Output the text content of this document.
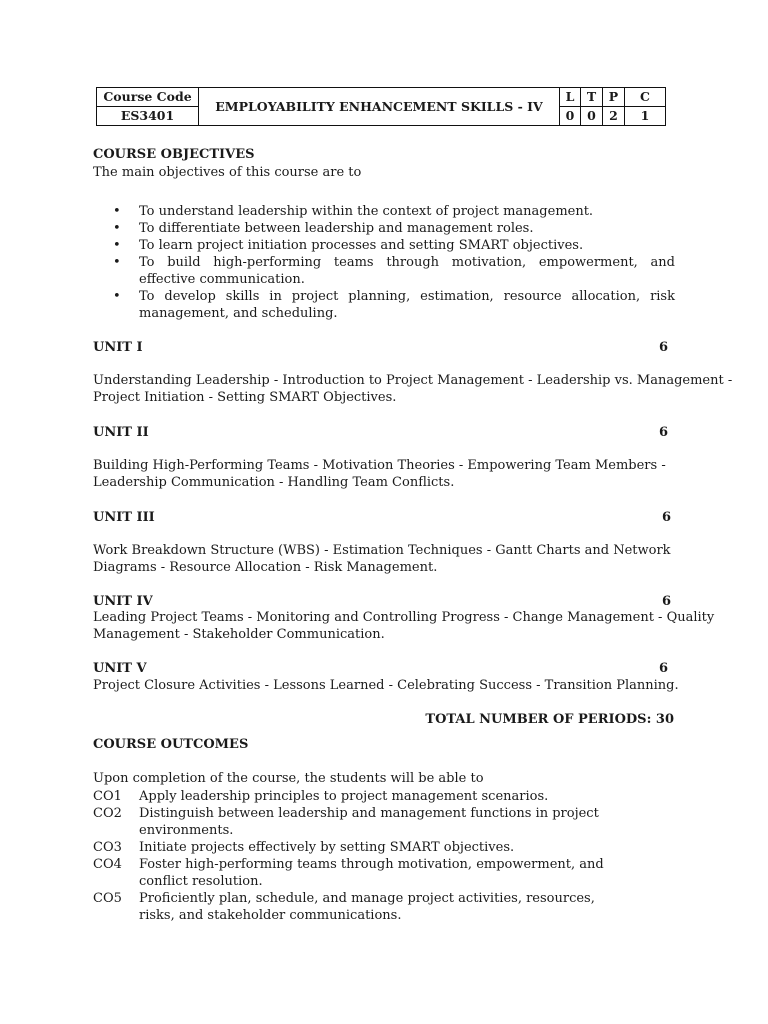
Course Code	EMPLOYABILITY ENHANCEMENT SKILLS - IV	L	T	P	C
ES3401		0	0	2	1
COURSE OBJECTIVES
The main objectives of this course are to
• To understand leadership within the context of project management.
• To differentiate between leadership and management roles.
• To learn project initiation processes and setting SMART objectives.
• To build high-performing teams through motivation, empowerment, and effective communication.
• To develop skills in project planning, estimation, resource allocation, risk management, and scheduling.
UNIT I	6
Understanding Leadership - Introduction to Project Management - Leadership vs. Management -
Project Initiation - Setting SMART Objectives.
UNIT II	6
Building High-Performing Teams - Motivation Theories - Empowering Team Members -
Leadership Communication - Handling Team Conflicts.
UNIT III	6
Work Breakdown Structure (WBS) - Estimation Techniques - Gantt Charts and Network
Diagrams - Resource Allocation - Risk Management.
UNIT IV	6
Leading Project Teams - Monitoring and Controlling Progress - Change Management - Quality
Management - Stakeholder Communication.
UNIT V	6
Project Closure Activities - Lessons Learned - Celebrating Success - Transition Planning.
TOTAL NUMBER OF PERIODS: 30
COURSE OUTCOMES
Upon completion of the course, the students will be able to
CO1	Apply leadership principles to project management scenarios.
CO2	Distinguish between leadership and management functions in project environments.
CO3	Initiate projects effectively by setting SMART objectives.
CO4	Foster high-performing teams through motivation, empowerment, and conflict resolution.
CO5	Proficiently plan, schedule, and manage project activities, resources, risks, and stakeholder communications.
